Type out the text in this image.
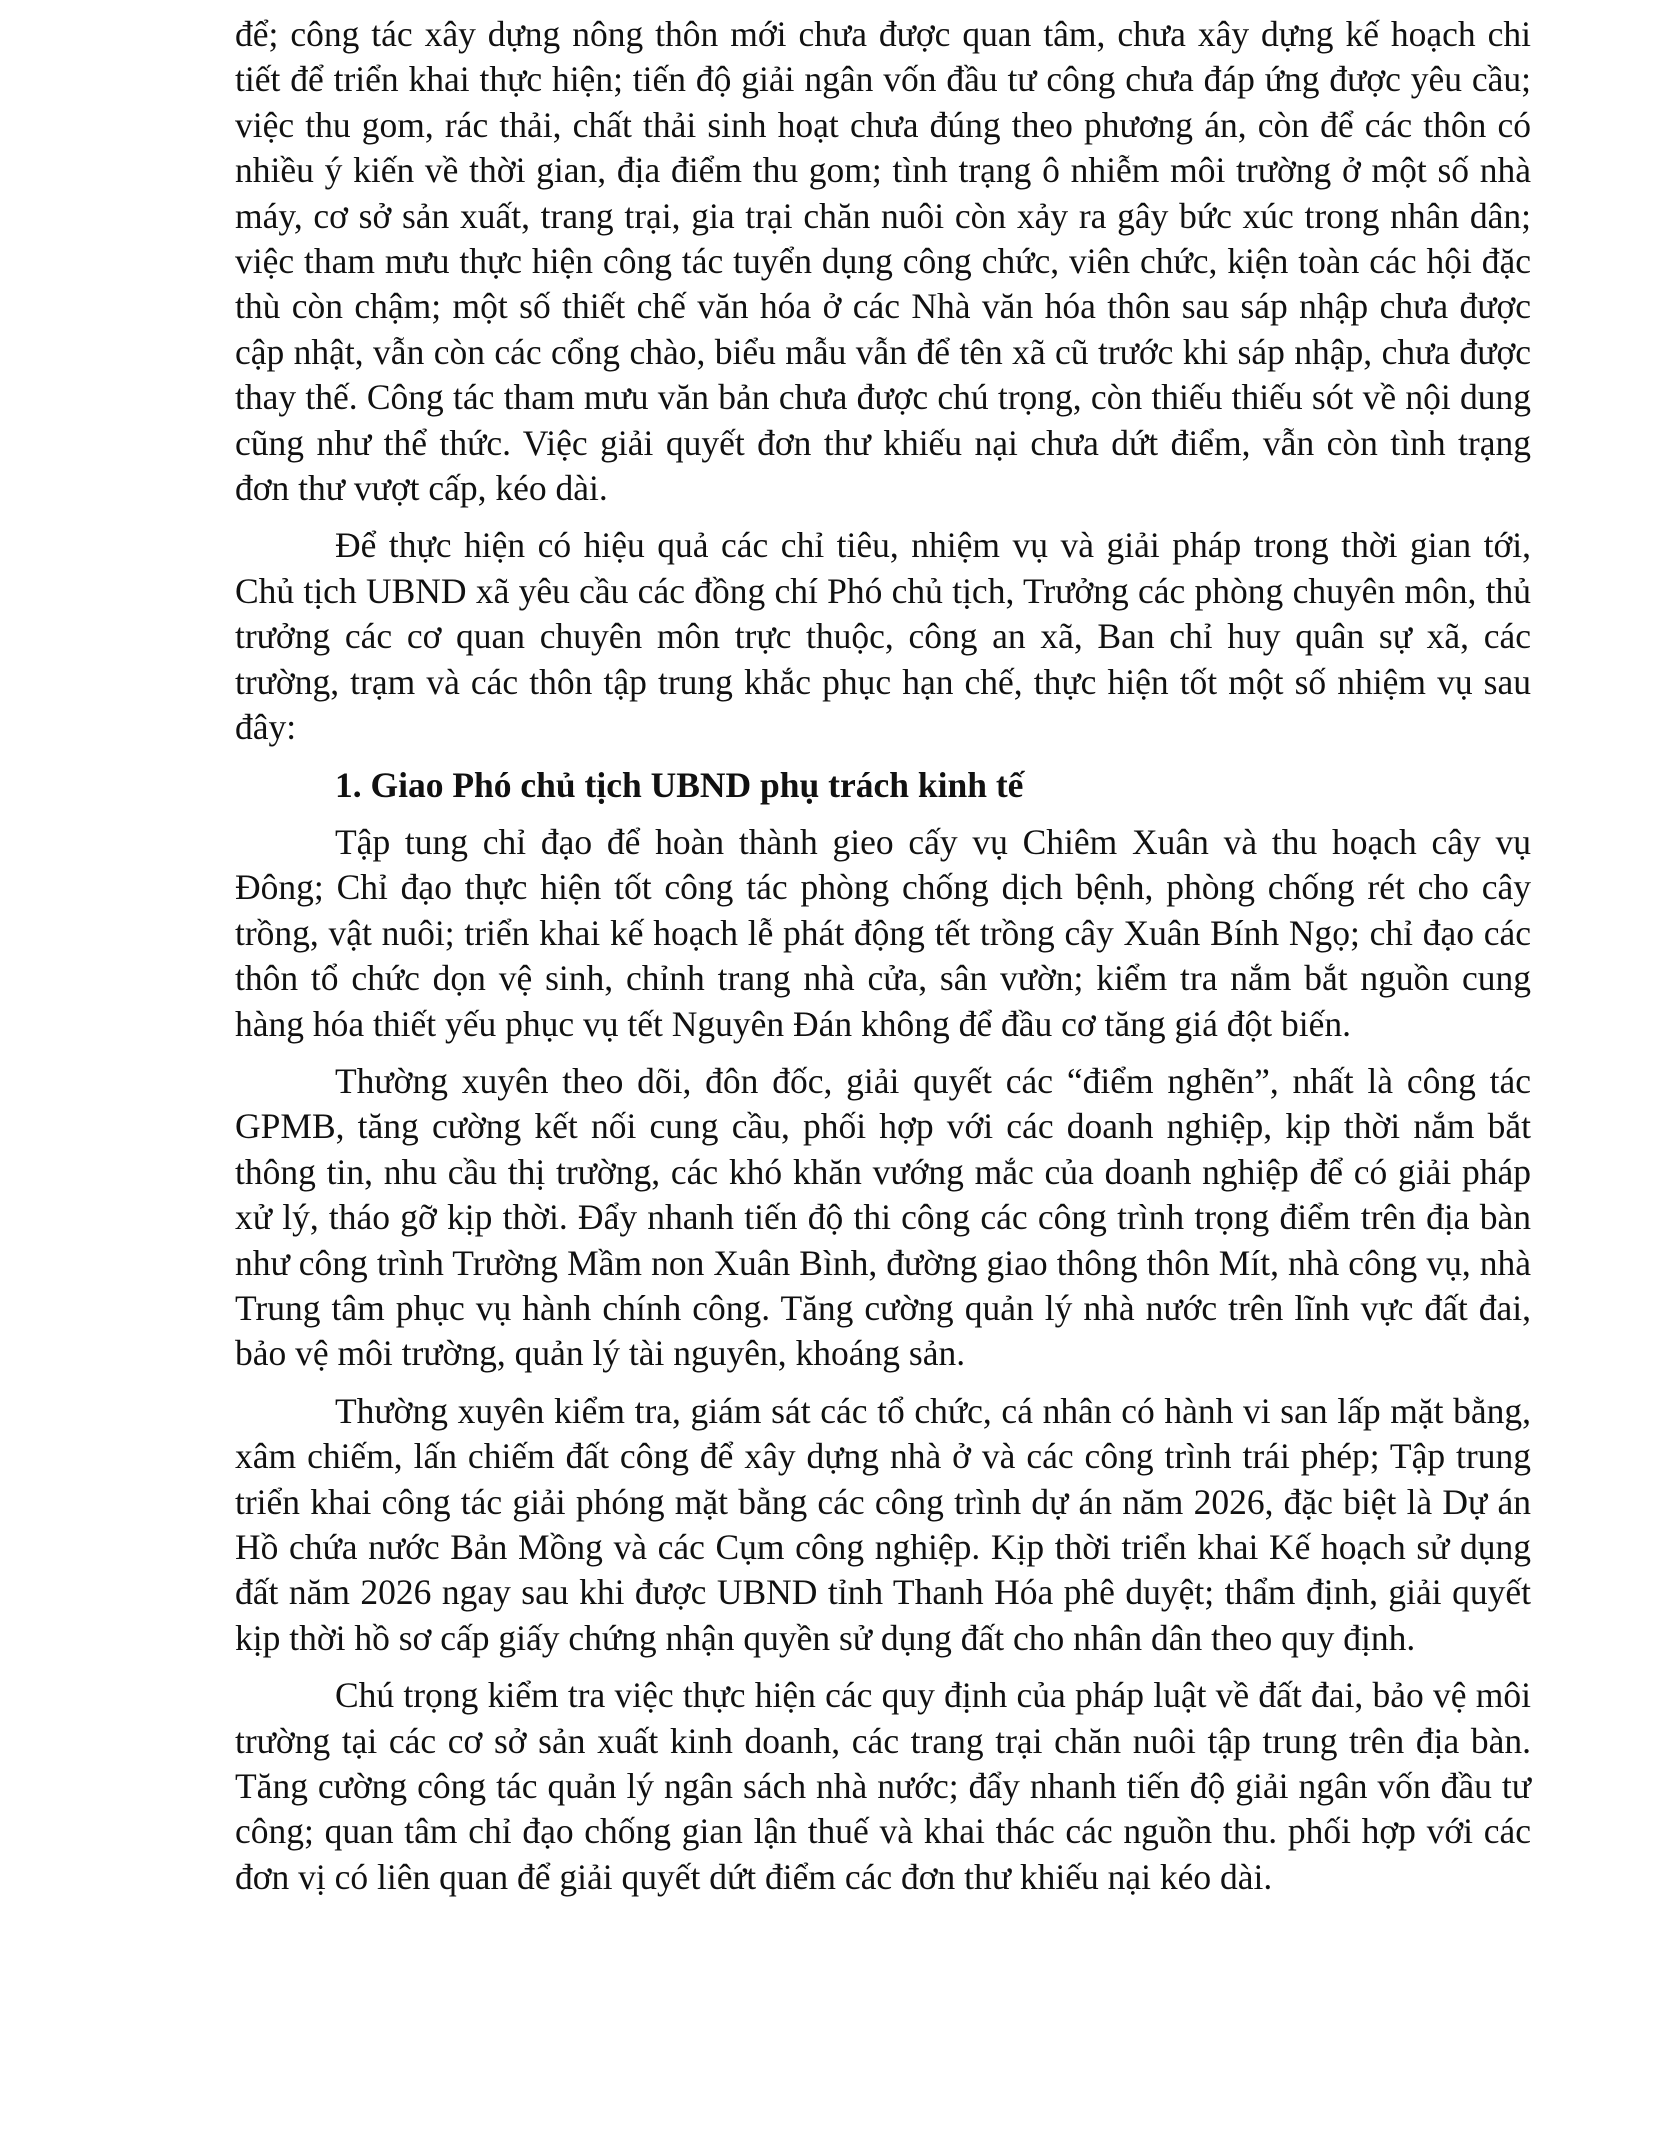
để; công tác xây dựng nông thôn mới chưa được quan tâm, chưa xây dựng kế hoạch chi tiết để triển khai thực hiện; tiến độ giải ngân vốn đầu tư công chưa đáp ứng được yêu cầu; việc thu gom, rác thải, chất thải sinh hoạt chưa đúng theo phương án, còn để các thôn có nhiều ý kiến về thời gian, địa điểm thu gom; tình trạng ô nhiễm môi trường ở một số nhà máy, cơ sở sản xuất, trang trại, gia trại chăn nuôi còn xảy ra gây bức xúc trong nhân dân; việc tham mưu thực hiện công tác tuyển dụng công chức, viên chức, kiện toàn các hội đặc thù còn chậm; một số thiết chế văn hóa ở các Nhà văn hóa thôn sau sáp nhập chưa được cập nhật, vẫn còn các cổng chào, biểu mẫu vẫn để tên xã cũ trước khi sáp nhập, chưa được thay thế. Công tác tham mưu văn bản chưa được chú trọng, còn thiếu thiếu sót về nội dung cũng như thể thức. Việc giải quyết đơn thư khiếu nại chưa dứt điểm, vẫn còn tình trạng đơn thư vượt cấp, kéo dài.

Để thực hiện có hiệu quả các chỉ tiêu, nhiệm vụ và giải pháp trong thời gian tới, Chủ tịch UBND xã yêu cầu các đồng chí Phó chủ tịch, Trưởng các phòng chuyên môn, thủ trưởng các cơ quan chuyên môn trực thuộc, công an xã, Ban chỉ huy quân sự xã, các trường, trạm và các thôn tập trung khắc phục hạn chế, thực hiện tốt một số nhiệm vụ sau đây:

1. Giao Phó chủ tịch UBND phụ trách kinh tế

Tập tung chỉ đạo để hoàn thành gieo cấy vụ Chiêm Xuân và thu hoạch cây vụ Đông; Chỉ đạo thực hiện tốt công tác phòng chống dịch bệnh, phòng chống rét cho cây trồng, vật nuôi; triển khai kế hoạch lễ phát động tết trồng cây Xuân Bính Ngọ; chỉ đạo các thôn tổ chức dọn vệ sinh, chỉnh trang nhà cửa, sân vườn; kiểm tra nắm bắt nguồn cung hàng hóa thiết yếu phục vụ tết Nguyên Đán không để đầu cơ tăng giá đột biến.

Thường xuyên theo dõi, đôn đốc, giải quyết các “điểm nghẽn”, nhất là công tác GPMB, tăng cường kết nối cung cầu, phối hợp với các doanh nghiệp, kịp thời nắm bắt thông tin, nhu cầu thị trường, các khó khăn vướng mắc của doanh nghiệp để có giải pháp xử lý, tháo gỡ kịp thời. Đẩy nhanh tiến độ thi công các công trình trọng điểm trên địa bàn như công trình Trường Mầm non Xuân Bình, đường giao thông thôn Mít, nhà công vụ, nhà Trung tâm phục vụ hành chính công. Tăng cường quản lý nhà nước trên lĩnh vực đất đai, bảo vệ môi trường, quản lý tài nguyên, khoáng sản.

Thường xuyên kiểm tra, giám sát các tổ chức, cá nhân có hành vi san lấp mặt bằng, xâm chiếm, lấn chiếm đất công để xây dựng nhà ở và các công trình trái phép; Tập trung triển khai công tác giải phóng mặt bằng các công trình dự án năm 2026, đặc biệt là Dự án Hồ chứa nước Bản Mồng và các Cụm công nghiệp. Kịp thời triển khai Kế hoạch sử dụng đất năm 2026 ngay sau khi được UBND tỉnh Thanh Hóa phê duyệt; thẩm định, giải quyết kịp thời hồ sơ cấp giấy chứng nhận quyền sử dụng đất cho nhân dân theo quy định.

Chú trọng kiểm tra việc thực hiện các quy định của pháp luật về đất đai, bảo vệ môi trường tại các cơ sở sản xuất kinh doanh, các trang trại chăn nuôi tập trung trên địa bàn. Tăng cường công tác quản lý ngân sách nhà nước; đẩy nhanh tiến độ giải ngân vốn đầu tư công; quan tâm chỉ đạo chống gian lận thuế và khai thác các nguồn thu. phối hợp với các đơn vị có liên quan để giải quyết dứt điểm các đơn thư khiếu nại kéo dài.
